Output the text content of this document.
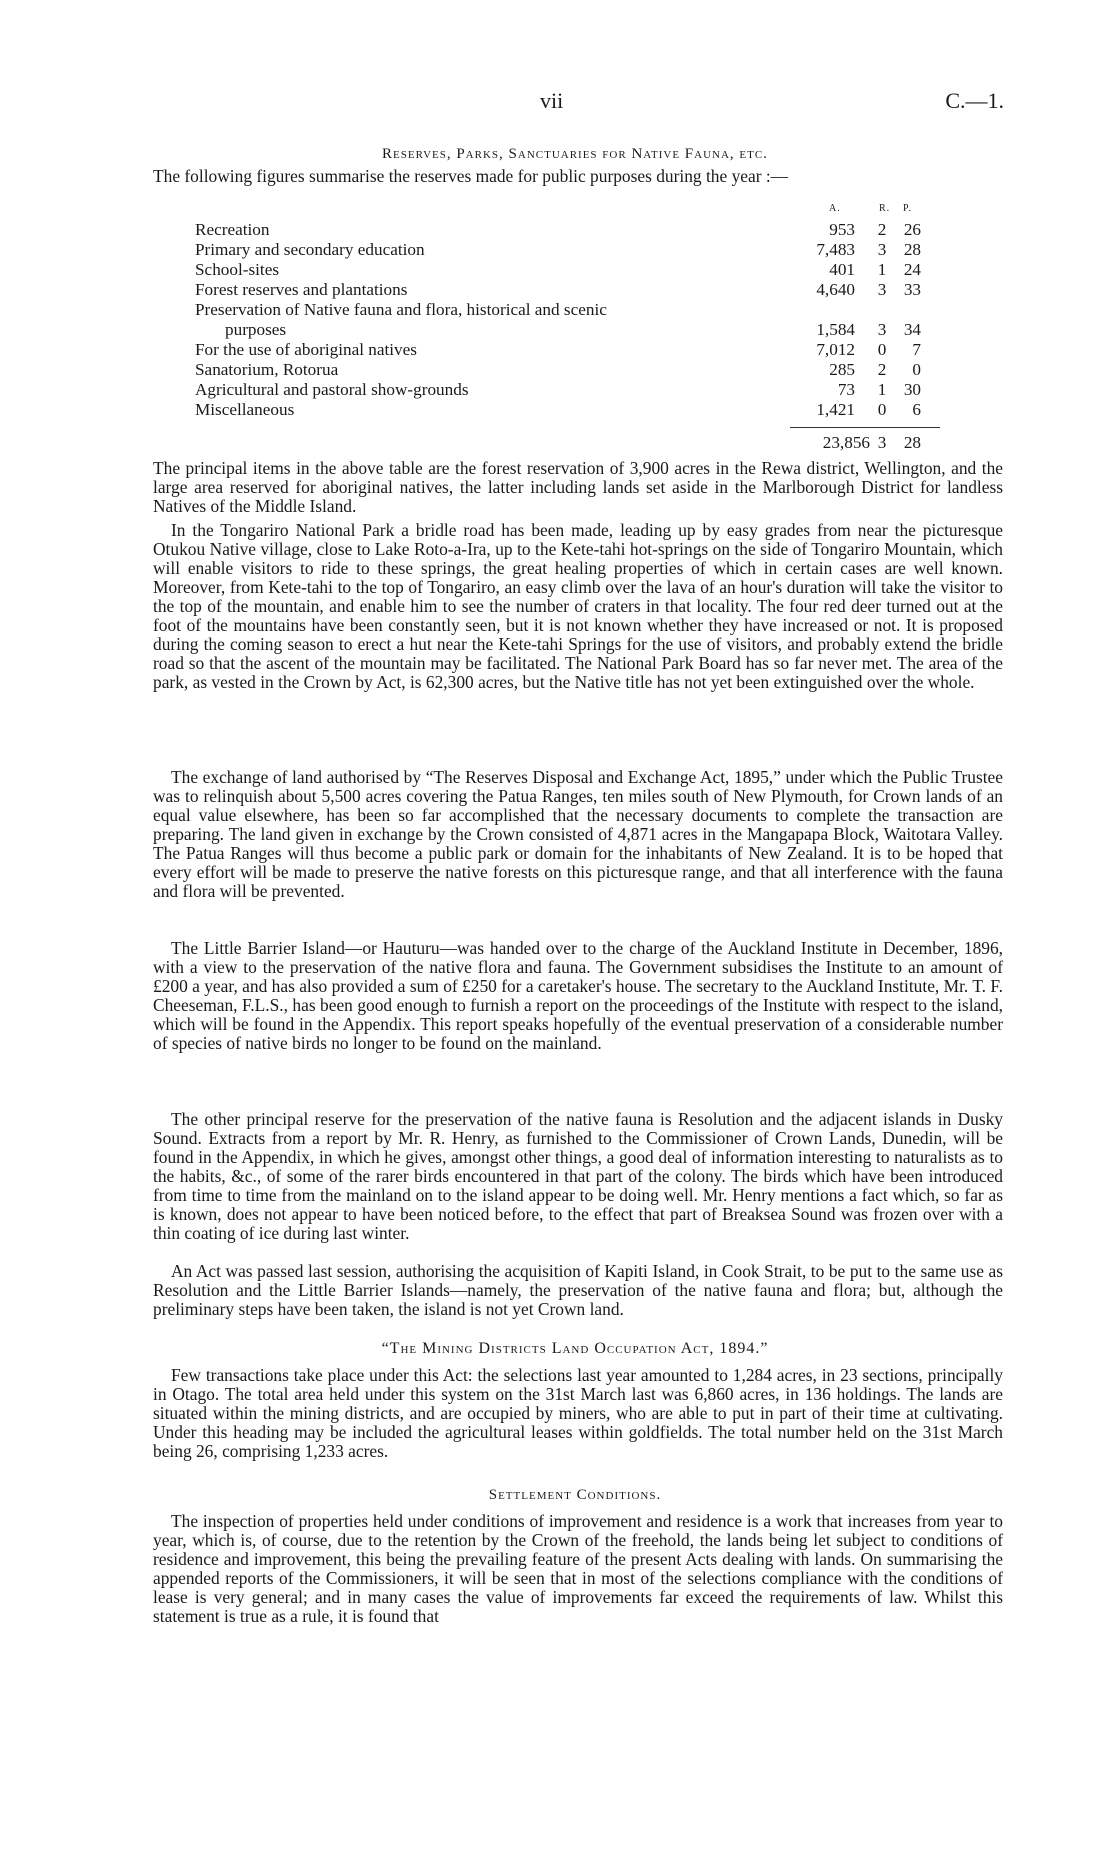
vii	C.—1.
Reserves, Parks, Sanctuaries for Native Fauna, etc.
The following figures summarise the reserves made for public purposes during the year :—
A.	R. P.
Recreation	953 2	26
Primary and secondary education	7,483 3	28
School-sites	401 1	24
Forest reserves and plantations	4,640 3	33
Preservation of Native fauna and flora, historical and scenic
purposes	1,584 3	34
For the use of aboriginal natives	7,012 0	7
Sanatorium, Rotorua	285 2	0
Agricultural and pastoral show-grounds	73 1	30
Miscellaneous	1,421 0	6
23,856 3	28

The principal items in the above table are the forest reservation of 3,900 acres in the Rewa district, Wellington, and the large area reserved for aboriginal natives, the latter including lands set aside in the Marlborough District for landless Natives of the Middle Island.

In the Tongariro National Park a bridle road has been made, leading up by easy grades from near the picturesque Otukou Native village, close to Lake Roto-a-Ira, up to the Kete-tahi hot-springs on the side of Tongariro Mountain, which will enable visitors to ride to these springs, the great healing properties of which in certain cases are well known. Moreover, from Kete-tahi to the top of Tongariro, an easy climb over the lava of an hour's duration will take the visitor to the top of the mountain, and enable him to see the number of craters in that locality. The four red deer turned out at the foot of the mountains have been constantly seen, but it is not known whether they have increased or not. It is proposed during the coming season to erect a hut near the Kete-tahi Springs for the use of visitors, and probably extend the bridle road so that the ascent of the mountain may be facilitated. The National Park Board has so far never met. The area of the park, as vested in the Crown by Act, is 62,300 acres, but the Native title has not yet been extinguished over the whole.

The exchange of land authorised by “The Reserves Disposal and Exchange Act, 1895,” under which the Public Trustee was to relinquish about 5,500 acres covering the Patua Ranges, ten miles south of New Plymouth, for Crown lands of an equal value elsewhere, has been so far accomplished that the necessary documents to complete the transaction are preparing. The land given in exchange by the Crown consisted of 4,871 acres in the Mangapapa Block, Waitotara Valley. The Patua Ranges will thus become a public park or domain for the inhabitants of New Zealand. It is to be hoped that every effort will be made to preserve the native forests on this picturesque range, and that all interference with the fauna and flora will be prevented.

The Little Barrier Island—or Hauturu—was handed over to the charge of the Auckland Institute in December, 1896, with a view to the preservation of the native flora and fauna. The Government subsidises the Institute to an amount of £200 a year, and has also provided a sum of £250 for a caretaker's house. The secretary to the Auckland Institute, Mr. T. F. Cheeseman, F.L.S., has been good enough to furnish a report on the proceedings of the Institute with respect to the island, which will be found in the Appendix. This report speaks hopefully of the eventual preservation of a considerable number of species of native birds no longer to be found on the mainland.

The other principal reserve for the preservation of the native fauna is Resolution and the adjacent islands in Dusky Sound. Extracts from a report by Mr. R. Henry, as furnished to the Commissioner of Crown Lands, Dunedin, will be found in the Appendix, in which he gives, amongst other things, a good deal of information interesting to naturalists as to the habits, &c., of some of the rarer birds encountered in that part of the colony. The birds which have been introduced from time to time from the mainland on to the island appear to be doing well. Mr. Henry mentions a fact which, so far as is known, does not appear to have been noticed before, to the effect that part of Breaksea Sound was frozen over with a thin coating of ice during last winter.

An Act was passed last session, authorising the acquisition of Kapiti Island, in Cook Strait, to be put to the same use as Resolution and the Little Barrier Islands—namely, the preservation of the native fauna and flora; but, although the preliminary steps have been taken, the island is not yet Crown land.

“The Mining Districts Land Occupation Act, 1894.”

Few transactions take place under this Act: the selections last year amounted to 1,284 acres, in 23 sections, principally in Otago. The total area held under this system on the 31st March last was 6,860 acres, in 136 holdings. The lands are situated within the mining districts, and are occupied by miners, who are able to put in part of their time at cultivating. Under this heading may be included the agricultural leases within goldfields. The total number held on the 31st March being 26, comprising 1,233 acres.

Settlement Conditions.

The inspection of properties held under conditions of improvement and residence is a work that increases from year to year, which is, of course, due to the retention by the Crown of the freehold, the lands being let subject to conditions of residence and improvement, this being the prevailing feature of the present Acts dealing with lands. On summarising the appended reports of the Commissioners, it will be seen that in most of the selections compliance with the conditions of lease is very general; and in many cases the value of improvements far exceed the requirements of law. Whilst this statement is true as a rule, it is found that
